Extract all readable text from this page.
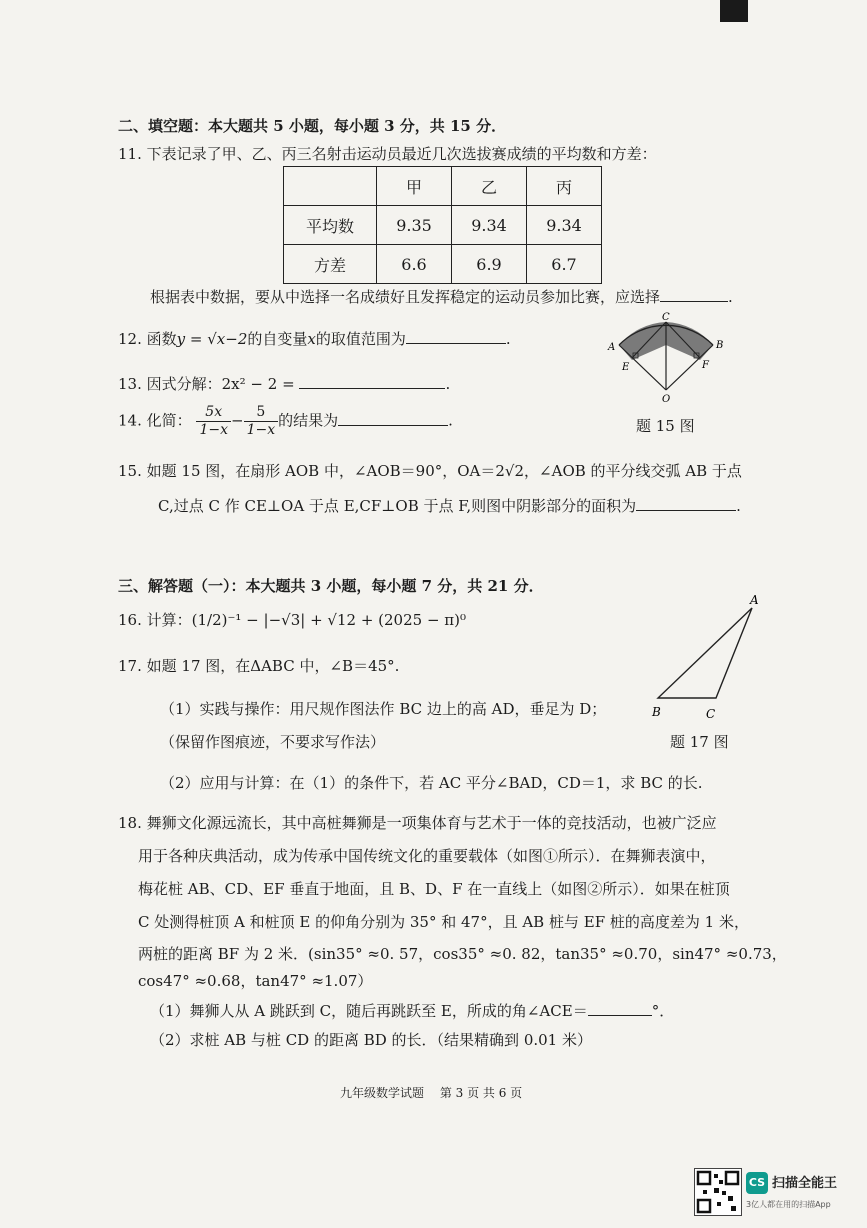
二、填空题：本大题共 5 小题，每小题 3 分，共 15 分．
11. 下表记录了甲、乙、丙三名射击运动员最近几次选拔赛成绩的平均数和方差：
	甲	乙	丙
平均数	9.35	9.34	9.34
方差	6.6	6.9	6.7
根据表中数据，要从中选择一名成绩好且发挥稳定的运动员参加比赛，应选择	.
12. 函数y = √x−2的自变量x的取值范围为	.
13. 因式分解：2x² − 2 =	.
14. 化简： $\frac{5x}{1-x} - \frac{5}{1-x}$ 的结果为	.
A	B
C
E	F
O
题 15 图
15. 如题 15 图，在扇形 AOB 中，∠AOB＝90°，OA＝2√2，∠AOB 的平分线交弧 AB 于点
C,过点 C 作 CE⊥OA 于点 E,CF⊥OB 于点 F,则图中阴影部分的面积为	.
三、解答题（一）：本大题共 3 小题，每小题 7 分，共 21 分．
16. 计算：(1/2)⁻¹ − |−√3| + √12 + (2025 − π)⁰
A
B	C
题 17 图
17. 如题 17 图，在ΔABC 中，∠B＝45°.
（1）实践与操作：用尺规作图法作 BC 边上的高 AD，垂足为 D；
（保留作图痕迹，不要求写作法）
（2）应用与计算：在（1）的条件下，若 AC 平分∠BAD，CD＝1，求 BC 的长.
18. 舞狮文化源远流长，其中高桩舞狮是一项集体育与艺术于一体的竞技活动，也被广泛应
用于各种庆典活动，成为传承中国传统文化的重要载体（如图①所示）．在舞狮表演中，
梅花桩 AB、CD、EF 垂直于地面，且 B、D、F 在一直线上（如图②所示）．如果在桩顶
C 处测得桩顶 A 和桩顶 E 的仰角分别为 35° 和 47°，且 AB 桩与 EF 桩的高度差为 1 米，
两桩的距离 BF 为 2 米．(sin35° ≈0. 57，cos35° ≈0. 82，tan35° ≈0.70，sin47° ≈0.73，
cos47° ≈0.68，tan47° ≈1.07）
（1）舞狮人从 A 跳跃到 C，随后再跳跃至 E，所成的角∠ACE＝	°．
（2）求桩 AB 与桩 CD 的距离 BD 的长．（结果精确到 0.01 米）
九年级数学试题　 第 3 页 共 6 页
CS 扫描全能王
3亿人都在用的扫描App
